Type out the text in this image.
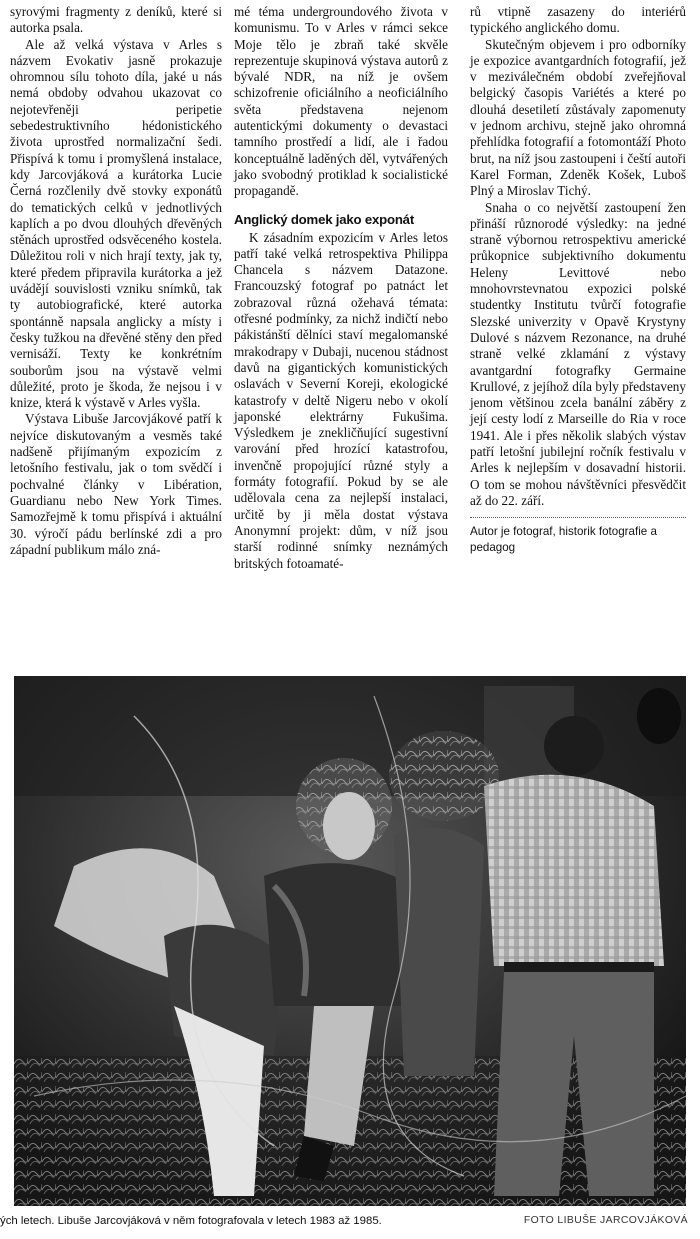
syrovými fragmenty z deníků, které si autorka psala.

Ale až velká výstava v Arles s názvem Evokativ jasně prokazuje ohromnou sílu tohoto díla, jaké u nás nemá obdoby odvahou ukazovat co nejotevřeněji peripetie sebedestruktivního hédonistického života uprostřed normalizační šedi. Přispívá k tomu i promyšlená instalace, kdy Jarcovjáková a kurátorka Lucie Černá rozčlenily dvě stovky exponátů do tematických celků v jednotlivých kaplích a po dvou dlouhých dřevěných stěnách uprostřed odsvěceného kostela. Důležitou roli v nich hrají texty, jak ty, které předem připravila kurátorka a jež uvádějí souvislosti vzniku snímků, tak ty autobiografické, které autorka spontánně napsala anglicky a místy i česky tužkou na dřevěné stěny den před vernisáží. Texty ke konkrétním souborům jsou na výstavě velmi důležité, proto je škoda, že nejsou i v knize, která k výstavě v Arles vyšla.

Výstava Libuše Jarcovjákové patří k nejvíce diskutovaným a vesměs také nadšeně přijímaným expozicím z letošního festivalu, jak o tom svědčí i pochvalné články v Libération, Guardianu nebo New York Times. Samozřejmě k tomu přispívá i aktuální 30. výročí pádu berlínské zdi a pro západní publikum málo zná-

mé téma undergroundového života v komunismu. To v Arles v rámci sekce Moje tělo je zbraň také skvěle reprezentuje skupinová výstava autorů z bývalé NDR, na níž je ovšem schizofrenie oficiálního a neoficiálního světa představena nejenom autentickými dokumenty o devastaci tamního prostředí a lidí, ale i řadou konceptuálně laděných děl, vytvářených jako svobodný protiklad k socialistické propagandě.

Anglický domek jako exponát

K zásadním expozicím v Arles letos patří také velká retrospektiva Philippa Chancela s názvem Datazone. Francouzský fotograf po patnáct let zobrazoval různá ožehavá témata: otřesné podmínky, za nichž indičtí nebo pákistánští dělníci staví megalomanské mrakodrapy v Dubaji, nucenou stádnost davů na gigantických komunistických oslavách v Severní Koreji, ekologické katastrofy v deltě Nigeru nebo v okolí japonské elektrárny Fukušima. Výsledkem je znekličňující sugestivní varování před hrozící katastrofou, invenčně propojující různé styly a formáty fotografií. Pokud by se ale udělovala cena za nejlepší instalaci, určitě by ji měla dostat výstava Anonymní projekt: dům, v níž jsou starší rodinné snímky neznámých britských fotoamaté-

rů vtipně zasazeny do interiérů typického anglického domu.

Skutečným objevem i pro odborníky je expozice avantgardních fotografií, jež v meziválečném období zveřejňoval belgický časopis Variétés a které po dlouhá desetiletí zůstávaly zapomenuty v jednom archivu, stejně jako ohromná přehlídka fotografií a fotomontáží Photo brut, na níž jsou zastoupeni i čeští autoři Karel Forman, Zdeněk Košek, Luboš Plný a Miroslav Tichý.

Snaha o co největší zastoupení žen přináší různorodé výsledky: na jedné straně výbornou retrospektivu americké průkopnice subjektivního dokumentu Heleny Levittové nebo mnohovrstevnatou expozici polské studentky Institutu tvůrčí fotografie Slezské univerzity v Opavě Krystyny Dulové s názvem Rezonance, na druhé straně velké zklamání z výstavy avantgardní fotografky Germaine Krullové, z jejíhož díla byly představeny jenom většinou zcela banální záběry z její cesty lodí z Marseille do Ria v roce 1941. Ale i přes několik slabých výstav patří letošní jubilejní ročník festivalu v Arles k nejlepším v dosavadní historii. O tom se mohou návštěvníci přesvědčit až do 22. září.

Autor je fotograf, historik fotografie a pedagog
ých letech. Libuše Jarcovjáková v něm fotografovala v letech 1983 až 1985.	FOTO LIBUŠE JARCOVJÁKOVÁ
